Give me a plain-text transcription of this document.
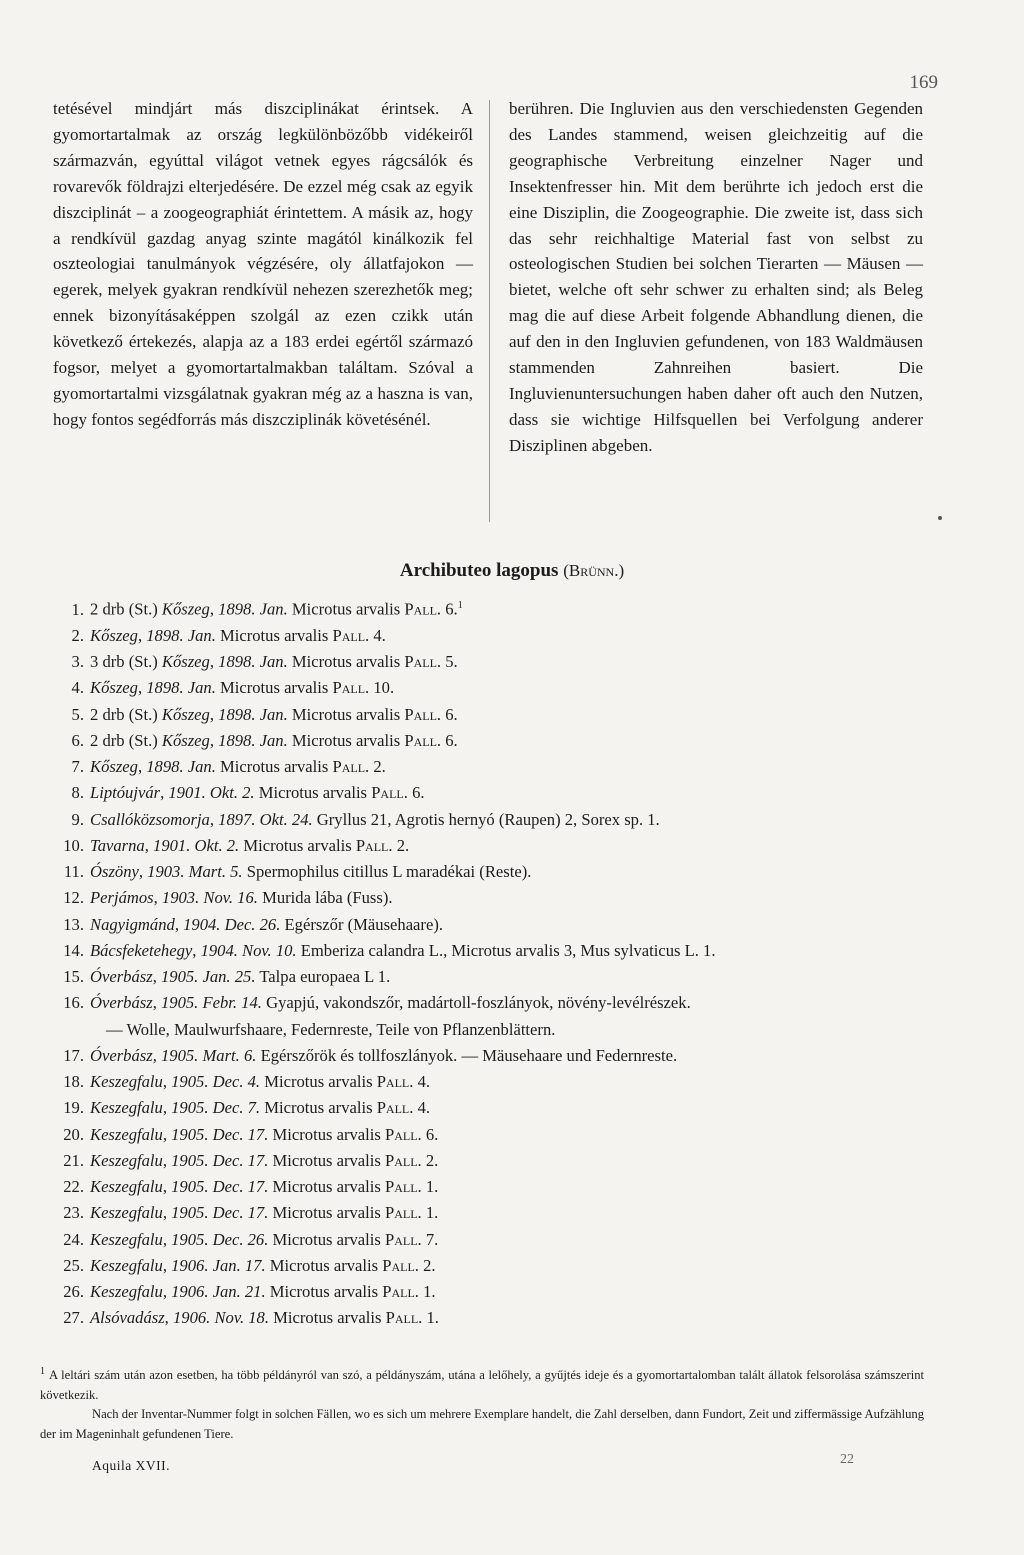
169

tetésével mindjárt más diszciplinákat érintsek. A gyomortartalmak az ország legkülönbözőbb vidékeiről származván, egyúttal világot vetnek egyes rágcsálók és rovarevők földrajzi elterjedésére. De ezzel még csak az egyik diszciplinát – a zoogeographiát érintettem. A másik az, hogy a rendkívül gazdag anyag szinte magától kinálkozik fel oszteologiai tanulmányok végzésére, oly állatfajokon — egerek, melyek gyakran rendkívül nehezen szerezhetők meg; ennek bizonyításaképpen szolgál az ezen czikk után következő értekezés, alapja az a 183 erdei egértől származó fogsor, melyet a gyomortartalmakban találtam. Szóval a gyomortartalmi vizsgálatnak gyakran még az a haszna is van, hogy fontos segédforrás más diszcziplinák követésénél.

berühren. Die Ingluvien aus den verschiedensten Gegenden des Landes stammend, weisen gleichzeitig auf die geographische Verbreitung einzelner Nager und Insektenfresser hin. Mit dem berührte ich jedoch erst die eine Disziplin, die Zoogeographie. Die zweite ist, dass sich das sehr reichhaltige Material fast von selbst zu osteologischen Studien bei solchen Tierarten — Mäusen — bietet, welche oft sehr schwer zu erhalten sind; als Beleg mag die auf diese Arbeit folgende Abhandlung dienen, die auf den in den Ingluvien gefundenen, von 183 Waldmäusen stammenden Zahnreihen basiert. Die Ingluvienuntersuchungen haben daher oft auch den Nutzen, dass sie wichtige Hilfsquellen bei Verfolgung anderer Disziplinen abgeben.

Archibuteo lagopus (Brünn.)
1. 2 drb (St.) Kőszeg, 1898. Jan. Microtus arvalis Pall. 6.$^1$
2. Kőszeg, 1898. Jan. Microtus arvalis Pall. 4.
3. 3 drb (St.) Kőszeg, 1898. Jan. Microtus arvalis Pall. 5.
4. Kőszeg, 1898. Jan. Microtus arvalis Pall. 10.
5. 2 drb (St.) Kőszeg, 1898. Jan. Microtus arvalis Pall. 6.
6. 2 drb (St.) Kőszeg, 1898. Jan. Microtus arvalis Pall. 6.
7. Kőszeg, 1898. Jan. Microtus arvalis Pall. 2.
8. Liptóujvár, 1901. Okt. 2. Microtus arvalis Pall. 6.
9. Csallóközsomorja, 1897. Okt. 24. Gryllus 21, Agrotis hernyó (Raupen) 2, Sorex sp. 1.
10. Tavarna, 1901. Okt. 2. Microtus arvalis Pall. 2.
11. Ószöny, 1903. Mart. 5. Spermophilus citillus L maradékai (Reste).
12. Perjámos, 1903. Nov. 16. Murida lába (Fuss).
13. Nagyigmánd, 1904. Dec. 26. Egérszőr (Mäusehaare).
14. Bácsfeketehegy, 1904. Nov. 10. Emberiza calandra L., Microtus arvalis 3, Mus sylvaticus L. 1.
15. Óverbász, 1905. Jan. 25. Talpa europaea L 1.
16. Óverbász, 1905. Febr. 14. Gyapjú, vakondszőr, madártoll-foszlányok, növény-levélrészek.
— Wolle, Maulwurfshaare, Federnreste, Teile von Pflanzenblättern.
17. Óverbász, 1905. Mart. 6. Egérszőrök és tollfoszlányok. — Mäusehaare und Federnreste.
18. Keszegfalu, 1905. Dec. 4. Microtus arvalis Pall. 4.
19. Keszegfalu, 1905. Dec. 7. Microtus arvalis Pall. 4.
20. Keszegfalu, 1905. Dec. 17. Microtus arvalis Pall. 6.
21. Keszegfalu, 1905. Dec. 17. Microtus arvalis Pall. 2.
22. Keszegfalu, 1905. Dec. 17. Microtus arvalis Pall. 1.
23. Keszegfalu, 1905. Dec. 17. Microtus arvalis Pall. 1.
24. Keszegfalu, 1905. Dec. 26. Microtus arvalis Pall. 7.
25. Keszegfalu, 1906. Jan. 17. Microtus arvalis Pall. 2.
26. Keszegfalu, 1906. Jan. 21. Microtus arvalis Pall. 1.
27. Alsóvadász, 1906. Nov. 18. Microtus arvalis Pall. 1.

$^1$ A leltári szám után azon esetben, ha több példányról van szó, a példányszám, utána a lelőhely, a gyűjtés ideje és a gyomortartalomban talált állatok felsorolása számszerint következik.

Nach der Inventar-Nummer folgt in solchen Fällen, wo es sich um mehrere Exemplare handelt, die Zahl derselben, dann Fundort, Zeit und ziffermässige Aufzählung der im Mageninhalt gefundenen Tiere.

Aquila XVII.	22
